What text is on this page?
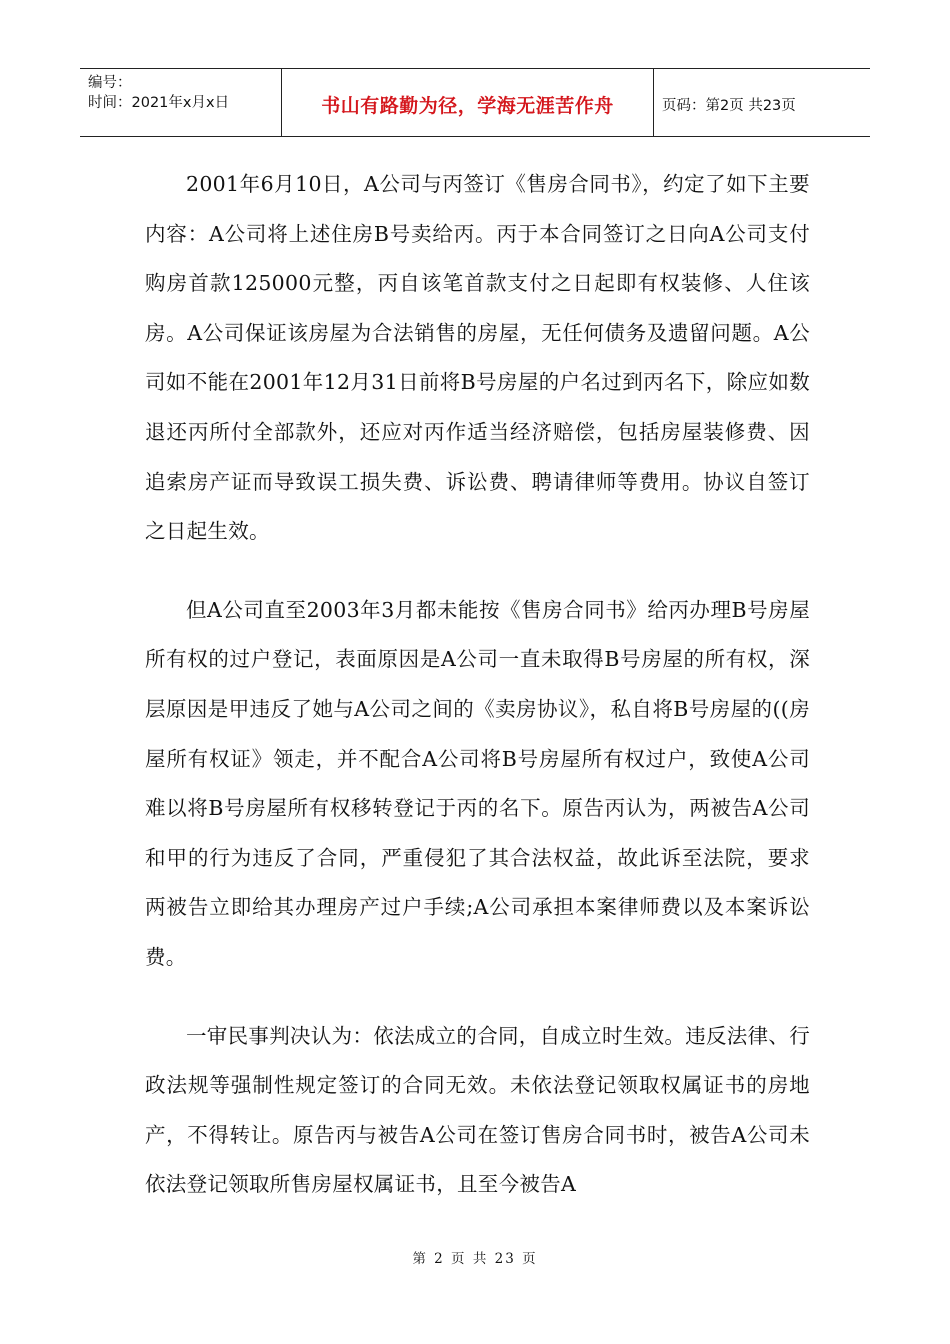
编号：
时间：2021年x月x日	书山有路勤为径，学海无涯苦作舟	页码：第2页 共23页

2001年6月10日，A公司与丙签订《售房合同书》，约定了如下主要内容：A公司将上述住房B号卖给丙。丙于本合同签订之日向A公司支付购房首款125000元整，丙自该笔首款支付之日起即有权装修、人住该房。A公司保证该房屋为合法销售的房屋，无任何债务及遗留问题。A公司如不能在2001年12月31日前将B号房屋的户名过到丙名下，除应如数退还丙所付全部款外，还应对丙作适当经济赔偿，包括房屋装修费、因追索房产证而导致误工损失费、诉讼费、聘请律师等费用。协议自签订之日起生效。

但A公司直至2003年3月都未能按《售房合同书》给丙办理B号房屋所有权的过户登记，表面原因是A公司一直未取得B号房屋的所有权，深层原因是甲违反了她与A公司之间的《卖房协议》，私自将B号房屋的((房屋所有权证》领走，并不配合A公司将B号房屋所有权过户，致使A公司难以将B号房屋所有权移转登记于丙的名下。原告丙认为，两被告A公司和甲的行为违反了合同，严重侵犯了其合法权益，故此诉至法院，要求两被告立即给其办理房产过户手续;A公司承担本案律师费以及本案诉讼费。

一审民事判决认为：依法成立的合同，自成立时生效。违反法律、行政法规等强制性规定签订的合同无效。未依法登记领取权属证书的房地产，不得转让。原告丙与被告A公司在签订售房合同书时，被告A公司未依法登记领取所售房屋权属证书，且至今被告A

第 2 页 共 23 页
